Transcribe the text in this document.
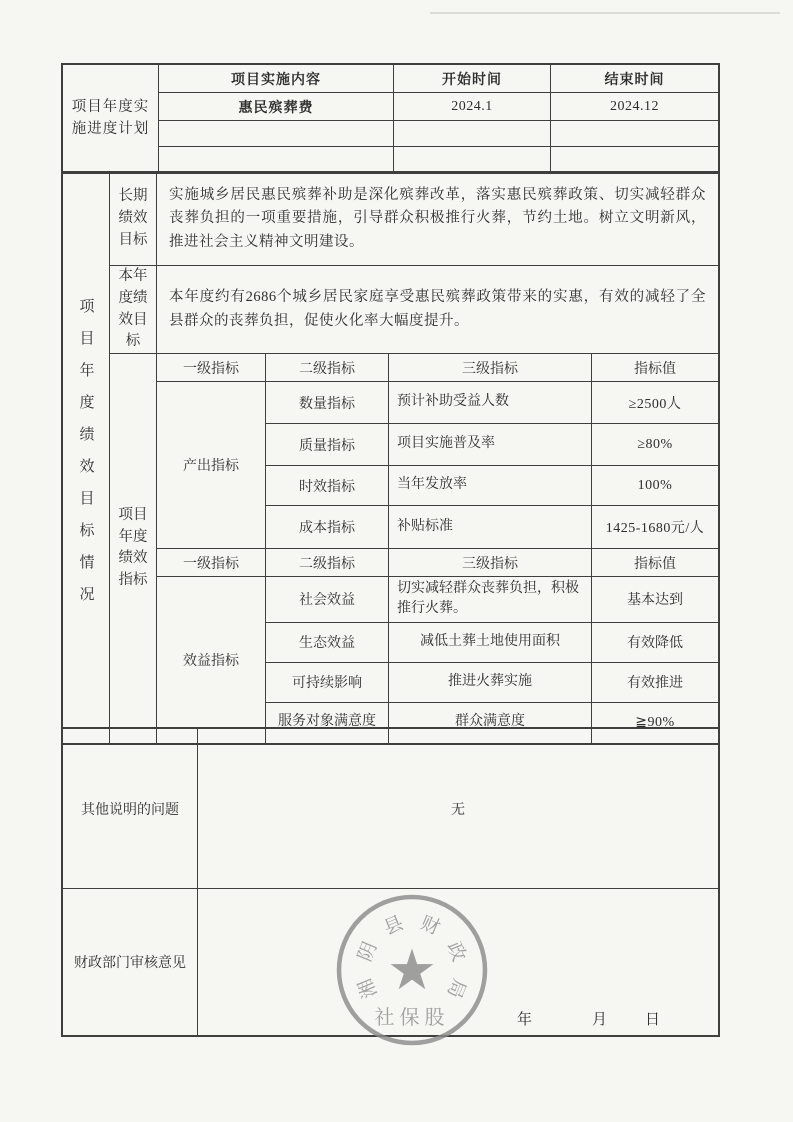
项目年度实施进度计划	项目实施内容	开始时间	结束时间
	惠民殡葬费	2024.1	2024.12

项目年度绩效目标情况	长期绩效目标	实施城乡居民惠民殡葬补助是深化殡葬改革，落实惠民殡葬政策、切实减轻群众丧葬负担的一项重要措施，引导群众积极推行火葬，节约土地。树立文明新风，推进社会主义精神文明建设。			

	本年度绩效目标	本年度约有2686个城乡居民家庭享受惠民殡葬政策带来的实惠，有效的减轻了全县群众的丧葬负担，促使火化率大幅度提升。			

	项目年度绩效指标	一级指标	二级指标	三级指标	指标值
		产出指标	数量指标	预计补助受益人数	≥2500人
			质量指标	项目实施普及率	≥80%
			时效指标	当年发放率	100%
			成本指标	补贴标准	1425-1680元/人
		一级指标	二级指标	三级指标	指标值
		效益指标	社会效益	切实减轻群众丧葬负担，积极推行火葬。	基本达到
			生态效益	减低土葬土地使用面积	有效降低
			可持续影响	推进火葬实施	有效推进
			服务对象满意度	群众满意度	≧90%
其他说明的问题	无
财政部门审核意见	年 月 日
★
湘
阴
县 财
政
局
社保股
